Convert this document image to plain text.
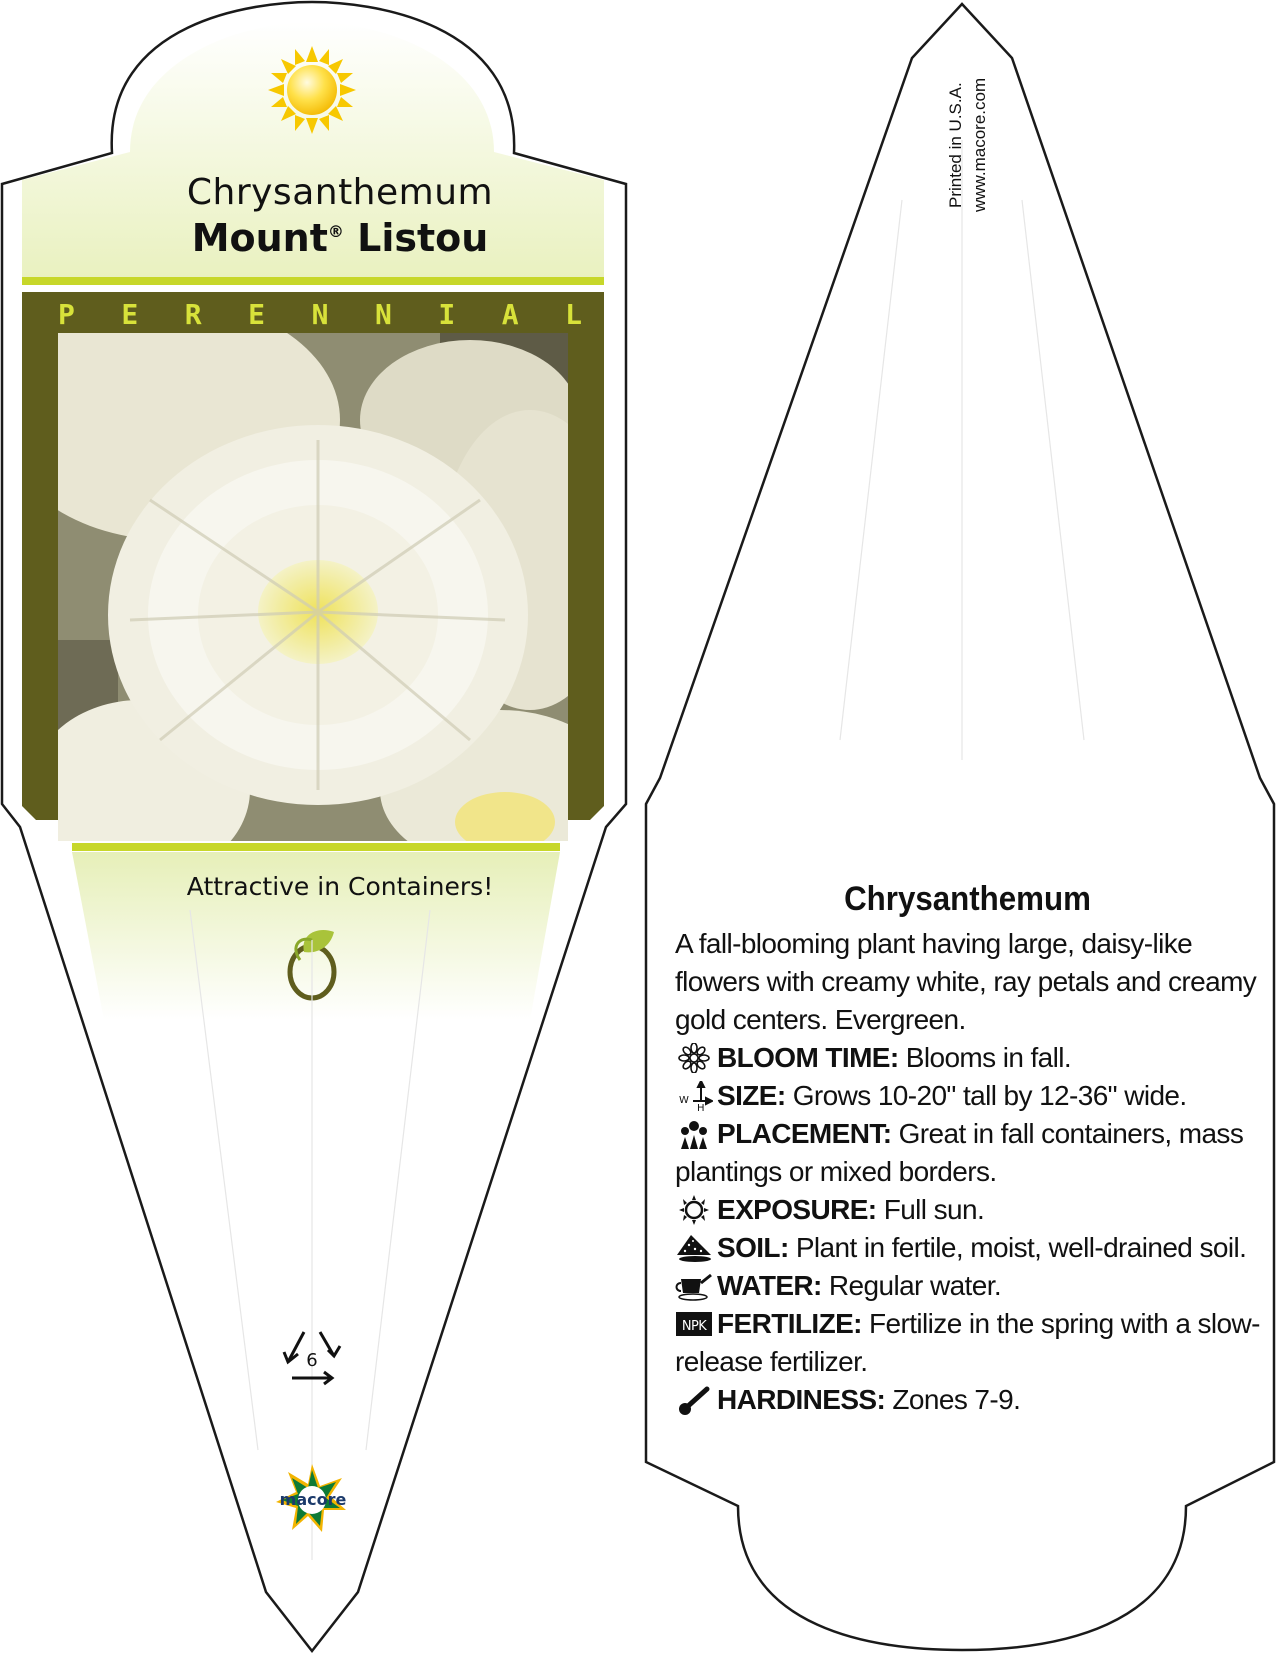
Chrysanthemum
Mount® Listou
P E R E N N I A L
Attractive in Containers!
6
macore
Printed in U.S.A. www.macore.com
Chrysanthemum

A fall-blooming plant having large, daisy-like flowers with creamy white, ray petals and creamy gold centers. Evergreen.

BLOOM TIME: Blooms in fall.

W
H SIZE: Grows 10-20" tall by 12-36" wide.

PLACEMENT: Great in fall containers, mass plantings or mixed borders.

EXPOSURE: Full sun.

SOIL: Plant in fertile, moist, well-drained soil.

WATER: Regular water.

NPK FERTILIZE: Fertilize in the spring with a slow-release fertilizer.

HARDINESS: Zones 7-9.
